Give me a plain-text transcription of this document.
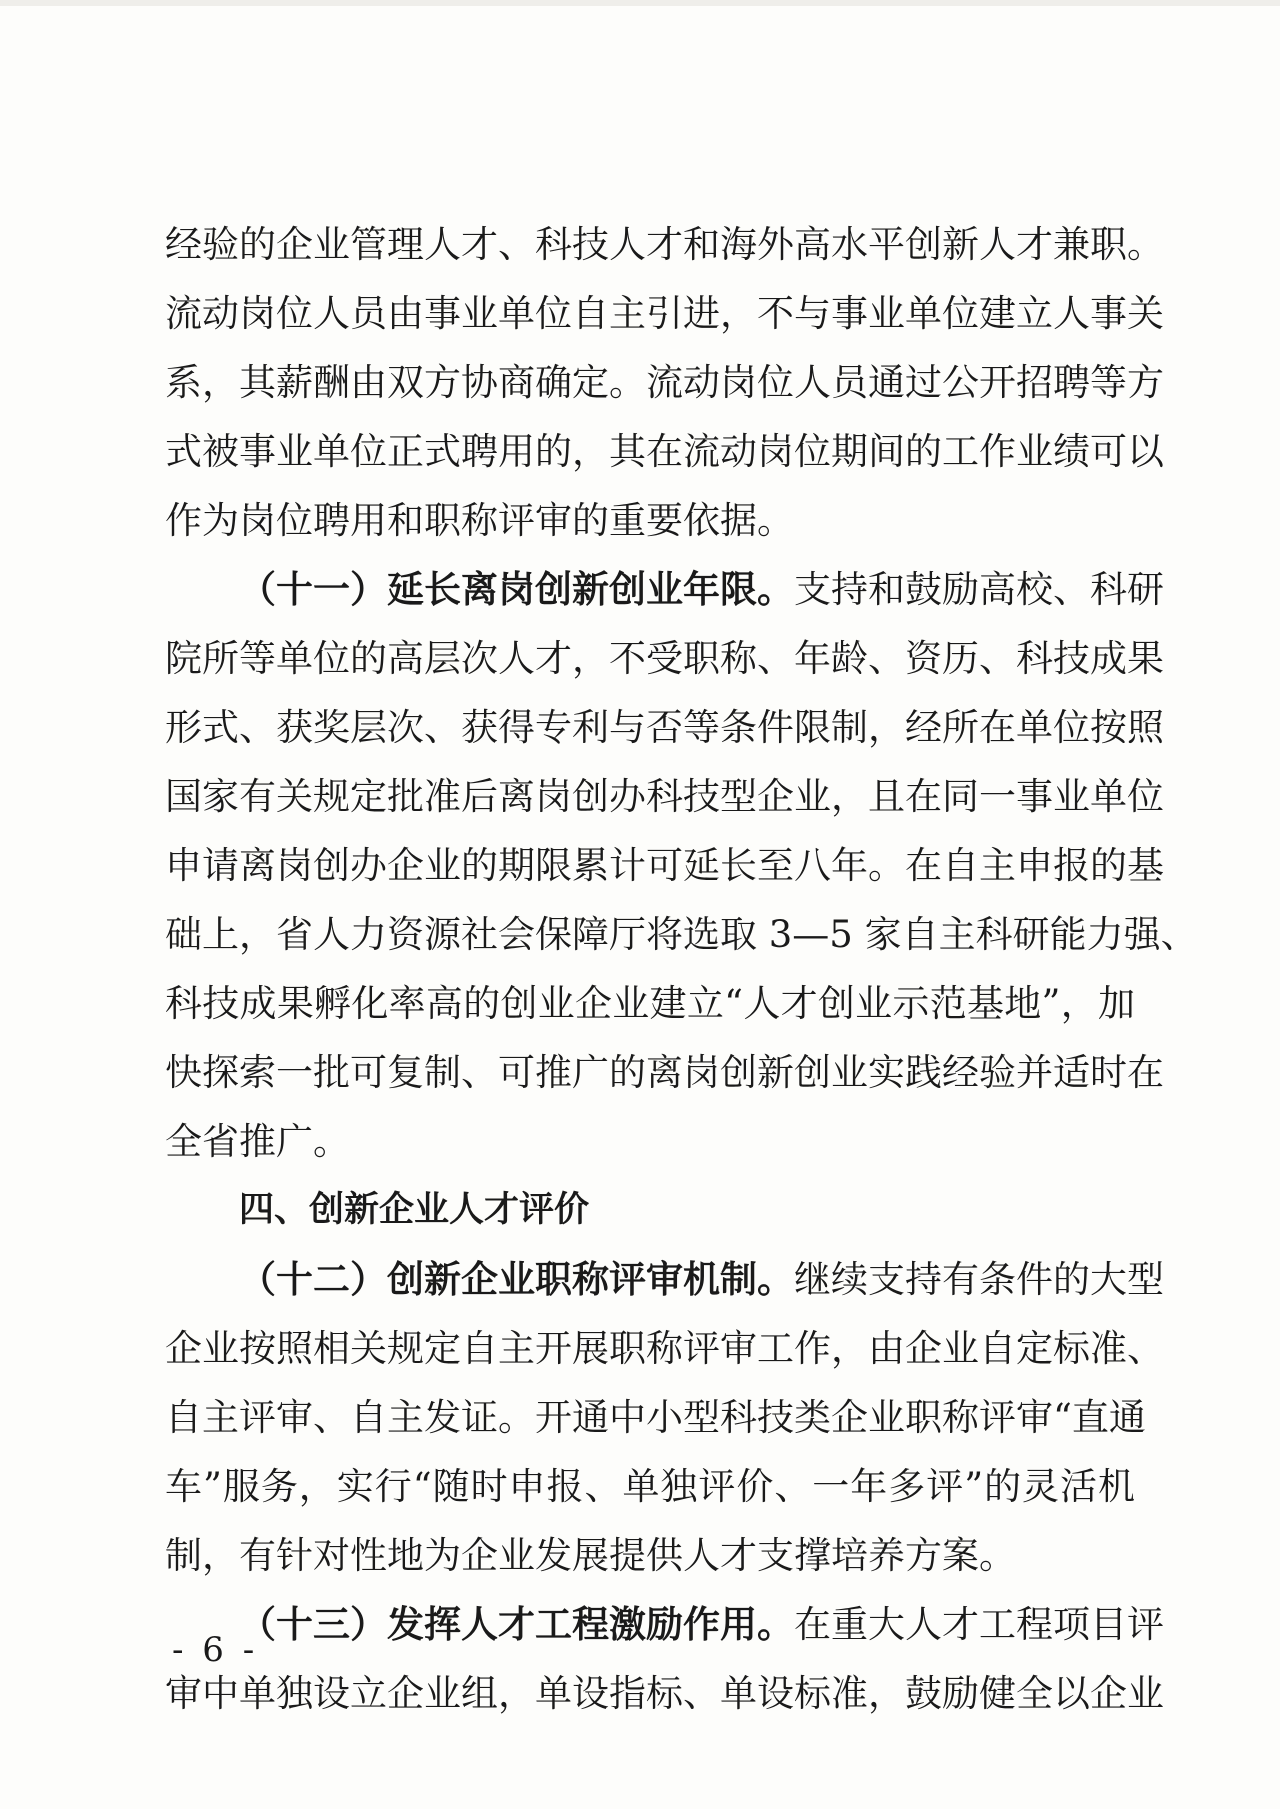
经验的企业管理人才、科技人才和海外高水平创新人才兼职。
流动岗位人员由事业单位自主引进，不与事业单位建立人事关
系，其薪酬由双方协商确定。流动岗位人员通过公开招聘等方
式被事业单位正式聘用的，其在流动岗位期间的工作业绩可以
作为岗位聘用和职称评审的重要依据。
（十一）延长离岗创新创业年限。支持和鼓励高校、科研
院所等单位的高层次人才，不受职称、年龄、资历、科技成果
形式、获奖层次、获得专利与否等条件限制，经所在单位按照
国家有关规定批准后离岗创办科技型企业，且在同一事业单位
申请离岗创办企业的期限累计可延长至八年。在自主申报的基
础上，省人力资源社会保障厅将选取 3—5 家自主科研能力强、
科技成果孵化率高的创业企业建立“人才创业示范基地”，加
快探索一批可复制、可推广的离岗创新创业实践经验并适时在
全省推广。
四、创新企业人才评价
（十二）创新企业职称评审机制。继续支持有条件的大型
企业按照相关规定自主开展职称评审工作，由企业自定标准、
自主评审、自主发证。开通中小型科技类企业职称评审“直通
车”服务，实行“随时申报、单独评价、一年多评”的灵活机
制，有针对性地为企业发展提供人才支撑培养方案。
（十三）发挥人才工程激励作用。在重大人才工程项目评
审中单独设立企业组，单设指标、单设标准，鼓励健全以企业
- 6 -
